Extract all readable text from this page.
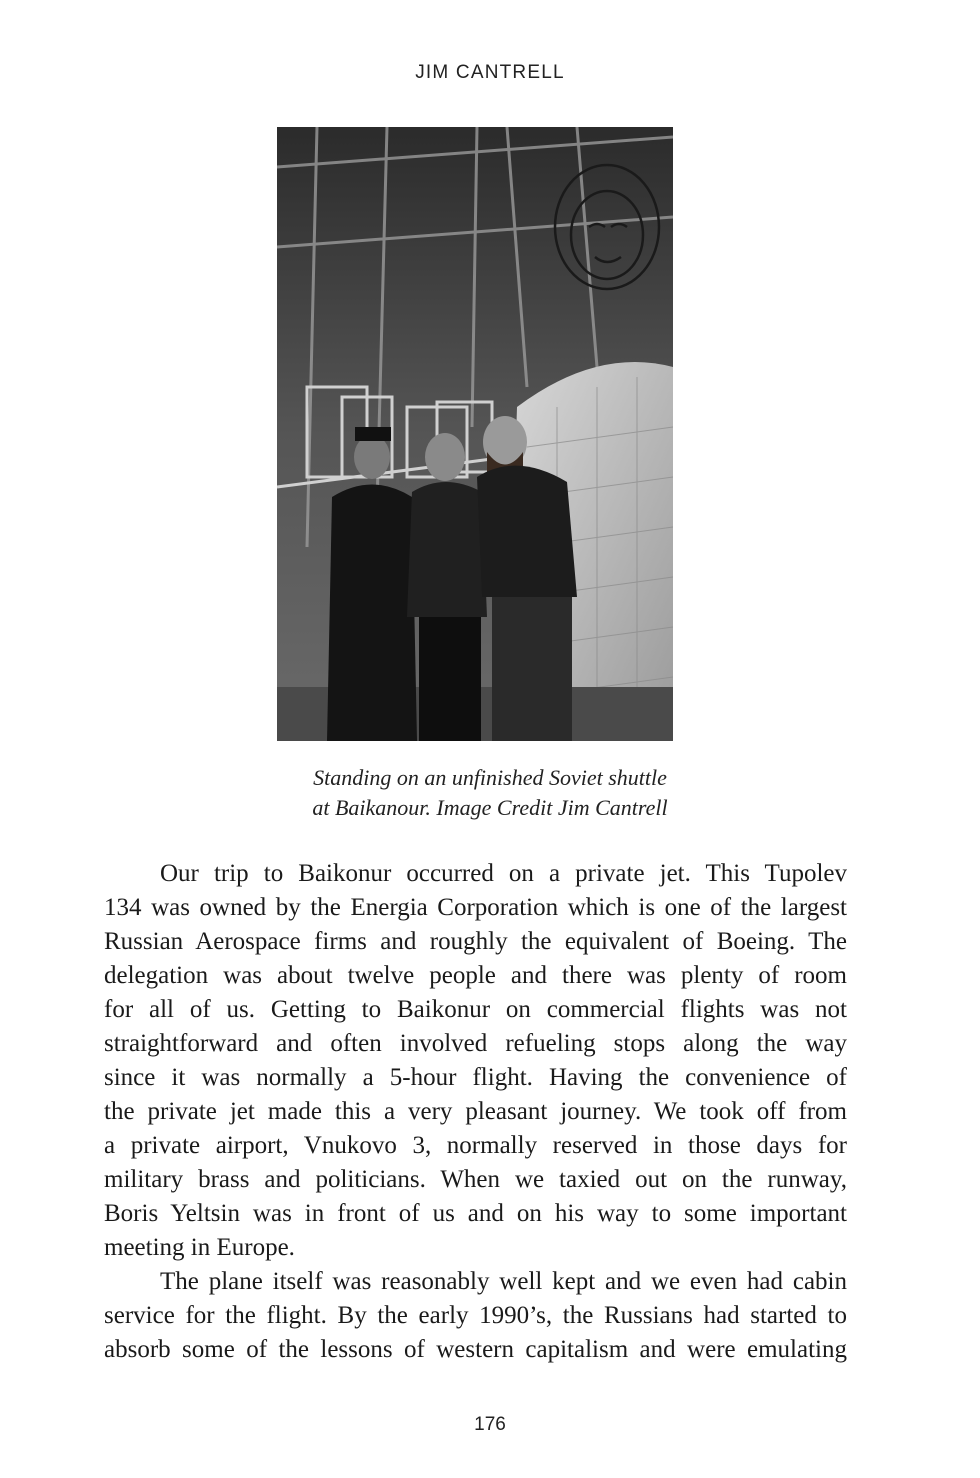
JIM CANTRELL
Standing on an unfinished Soviet shuttle
at Baikanour. Image Credit Jim Cantrell
Our trip to Baikonur occurred on a private jet. This Tupolev
134 was owned by the Energia Corporation which is one of the largest
Russian Aerospace firms and roughly the equivalent of Boeing. The
delegation was about twelve people and there was plenty of room
for all of us. Getting to Baikonur on commercial flights was not
straightforward and often involved refueling stops along the way
since it was normally a 5-hour flight. Having the convenience of
the private jet made this a very pleasant journey. We took off from
a private airport, Vnukovo 3, normally reserved in those days for
military brass and politicians. When we taxied out on the runway,
Boris Yeltsin was in front of us and on his way to some important
meeting in Europe.
The plane itself was reasonably well kept and we even had cabin
service for the flight. By the early 1990’s, the Russians had started to
absorb some of the lessons of western capitalism and were emulating
176
